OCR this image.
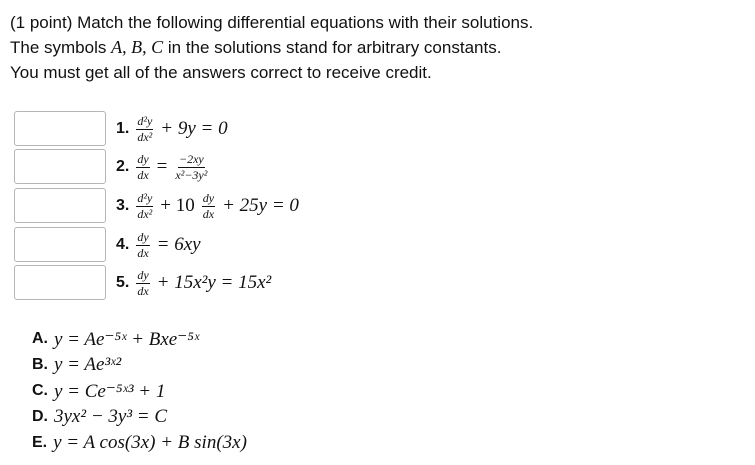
(1 point) Match the following differential equations with their solutions.
The symbols A, B, C in the solutions stand for arbitrary constants.
You must get all of the answers correct to receive credit.
1. $\frac{\text{d²y}}{\text{dx²}} + 9y = 0$
2. $\frac{dy}{dx} = \frac{-2xy}{\text{x²−3y²}}$
3. $\frac{\text{d²y}}{\text{dx²}} + 10 \frac{dy}{dx} + 25y = 0$
4. $\frac{dy}{dx} = 6xy$
5. $\frac{dy}{dx} + 15x^2y = 15x^2$
A. y = Ae⁻⁵ˣ + Bxe⁻⁵ˣ
B. y = Ae³ˣ²
C. y = Ce⁻⁵ˣ³ + 1
D. 3yx² − 3y³ = C
E. y = A cos(3x) + B sin(3x)
